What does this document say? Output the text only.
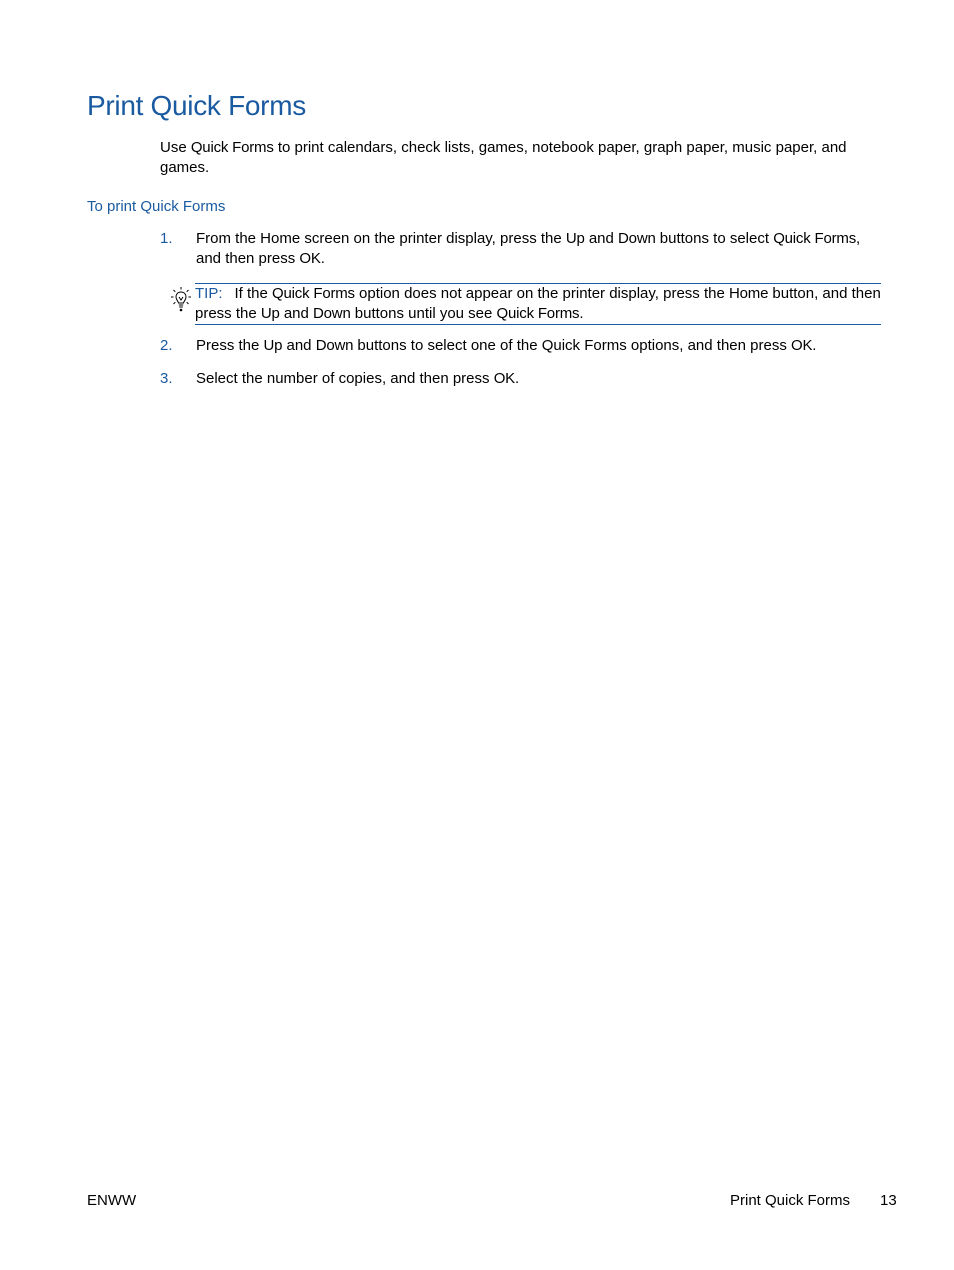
Print Quick Forms

Use Quick Forms to print calendars, check lists, games, notebook paper, graph paper, music paper, and games.

To print Quick Forms
1. From the Home screen on the printer display, press the Up and Down buttons to select Quick Forms, and then press OK.
TIP: If the Quick Forms option does not appear on the printer display, press the Home button, and then press the Up and Down buttons until you see Quick Forms.
2. Press the Up and Down buttons to select one of the Quick Forms options, and then press OK.
3. Select the number of copies, and then press OK.
ENWW	Print Quick Forms 13
